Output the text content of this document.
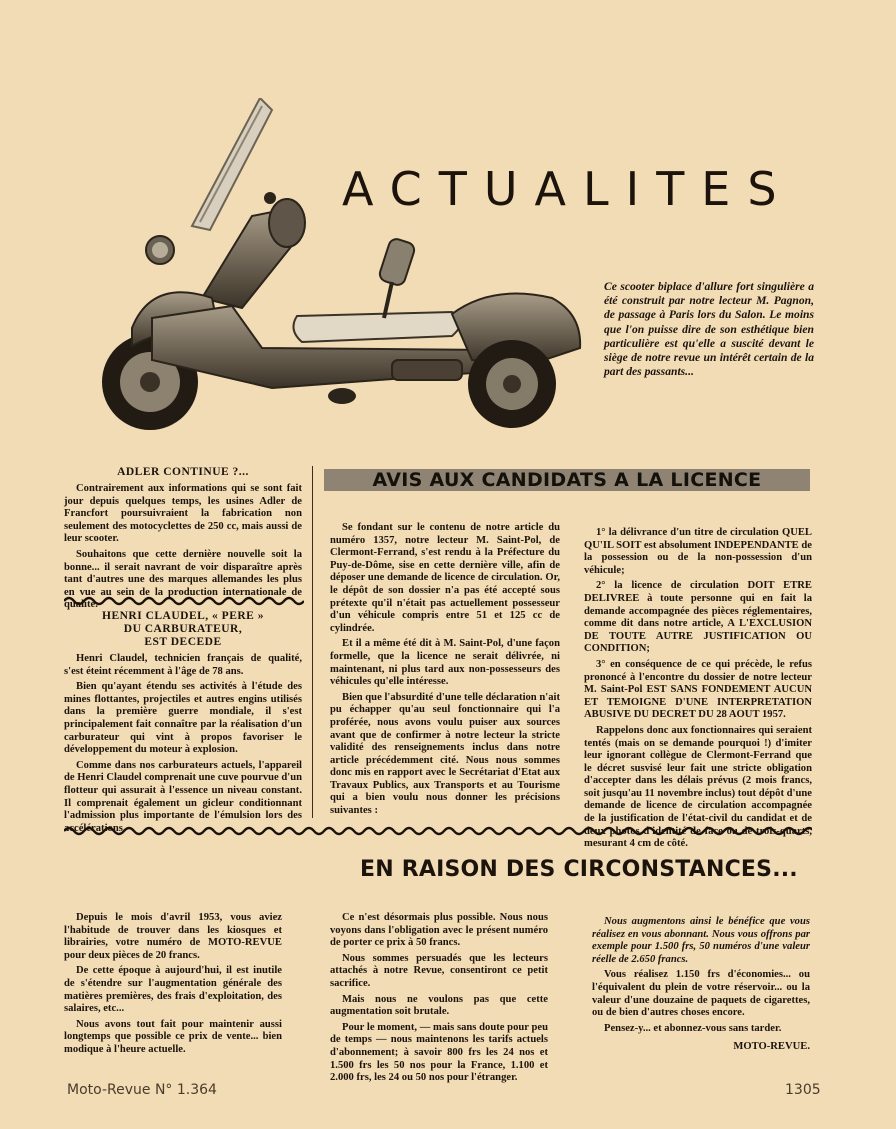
ACTUALITES
Ce scooter biplace d'allure fort singulière a été construit par notre lecteur M. Pagnon, de passage à Paris lors du Salon. Le moins que l'on puisse dire de son esthétique bien particulière est qu'elle a suscité devant le siège de notre revue un intérêt certain de la part des passants...
ADLER CONTINUE ?...

Contrairement aux informations qui se sont fait jour depuis quelques temps, les usines Adler de Francfort poursuivraient la fabrication non seulement des motocyclettes de 250 cc, mais aussi de leur scooter.

Souhaitons que cette dernière nouvelle soit la bonne... il serait navrant de voir disparaître après tant d'autres une des marques allemandes les plus en vue au sein de la production internationale de qualité.

HENRI CLAUDEL, « PERE »
DU CARBURATEUR,
EST DECEDE

Henri Claudel, technicien français de qualité, s'est éteint récemment à l'âge de 78 ans.

Bien qu'ayant étendu ses activités à l'étude des mines flottantes, projectiles et autres engins utilisés dans la première guerre mondiale, il s'est principalement fait connaître par la réalisation d'un carburateur qui vint à propos favoriser le développement du moteur à explosion.

Comme dans nos carburateurs actuels, l'appareil de Henri Claudel comprenait une cuve pourvue d'un flotteur qui assurait à l'essence un niveau constant. Il comprenait également un gicleur conditionnant l'admission plus importante de l'émulsion lors des accélérations.

AVIS AUX CANDIDATS A LA LICENCE

Se fondant sur le contenu de notre article du numéro 1357, notre lecteur M. Saint-Pol, de Clermont-Ferrand, s'est rendu à la Préfecture du Puy-de-Dôme, sise en cette dernière ville, afin de déposer une demande de licence de circulation. Or, le dépôt de son dossier n'a pas été accepté sous prétexte qu'il n'était pas actuellement possesseur d'un véhicule compris entre 51 et 125 cc de cylindrée.

Et il a même été dit à M. Saint-Pol, d'une façon formelle, que la licence ne serait délivrée, ni maintenant, ni plus tard aux non-possesseurs des véhicules qu'elle intéresse.

Bien que l'absurdité d'une telle déclaration n'ait pu échapper qu'au seul fonctionnaire qui l'a proférée, nous avons voulu puiser aux sources avant que de confirmer à notre lecteur la stricte validité des renseignements inclus dans notre article précédemment cité. Nous nous sommes donc mis en rapport avec le Secrétariat d'Etat aux Travaux Publics, aux Transports et au Tourisme qui a bien voulu nous donner les précisions suivantes :

1° la délivrance d'un titre de circulation QUEL QU'IL SOIT est absolument INDEPENDANTE de la possession ou de la non-possession d'un véhicule;

2° la licence de circulation DOIT ETRE DELIVREE à toute personne qui en fait la demande accompagnée des pièces réglementaires, comme dit dans notre article, A L'EXCLUSION DE TOUTE AUTRE JUSTIFICATION OU CONDITION;

3° en conséquence de ce qui précède, le refus prononcé à l'encontre du dossier de notre lecteur M. Saint-Pol EST SANS FONDEMENT AUCUN ET TEMOIGNE D'UNE INTERPRETATION ABUSIVE DU DECRET DU 28 AOUT 1957.

Rappelons donc aux fonctionnaires qui seraient tentés (mais on se demande pourquoi !) d'imiter leur ignorant collègue de Clermont-Ferrand que le décret susvisé leur fait une stricte obligation d'accepter dans les délais prévus (2 mois francs, soit jusqu'au 11 novembre inclus) tout dépôt d'une demande de licence de circulation accompagnée de la justification de l'état-civil du candidat et de deux photos d'identité de face ou de trois-quarts, mesurant 4 cm de côté.

EN RAISON DES CIRCONSTANCES...

Depuis le mois d'avril 1953, vous aviez l'habitude de trouver dans les kiosques et librairies, votre numéro de MOTO-REVUE pour deux pièces de 20 francs.

De cette époque à aujourd'hui, il est inutile de s'étendre sur l'augmentation générale des matières premières, des frais d'exploitation, des salaires, etc...

Nous avons tout fait pour maintenir aussi longtemps que possible ce prix de vente... bien modique à l'heure actuelle.

Ce n'est désormais plus possible. Nous nous voyons dans l'obligation avec le présent numéro de porter ce prix à 50 francs.

Nous sommes persuadés que les lecteurs attachés à notre Revue, consentiront ce petit sacrifice.

Mais nous ne voulons pas que cette augmentation soit brutale.

Pour le moment, — mais sans doute pour peu de temps — nous maintenons les tarifs actuels d'abonnement; à savoir 800 frs les 24 nos et 1.500 frs les 50 nos pour la France, 1.100 et 2.000 frs, les 24 ou 50 nos pour l'étranger.

Nous augmentons ainsi le bénéfice que vous réalisez en vous abonnant. Nous vous offrons par exemple pour 1.500 frs, 50 numéros d'une valeur réelle de 2.650 francs.

Vous réalisez 1.150 frs d'économies... ou l'équivalent du plein de votre réservoir... ou la valeur d'une douzaine de paquets de cigarettes, ou de bien d'autres choses encore.

Pensez-y... et abonnez-vous sans tarder.

MOTO-REVUE.

Moto-Revue N° 1.364	1305
